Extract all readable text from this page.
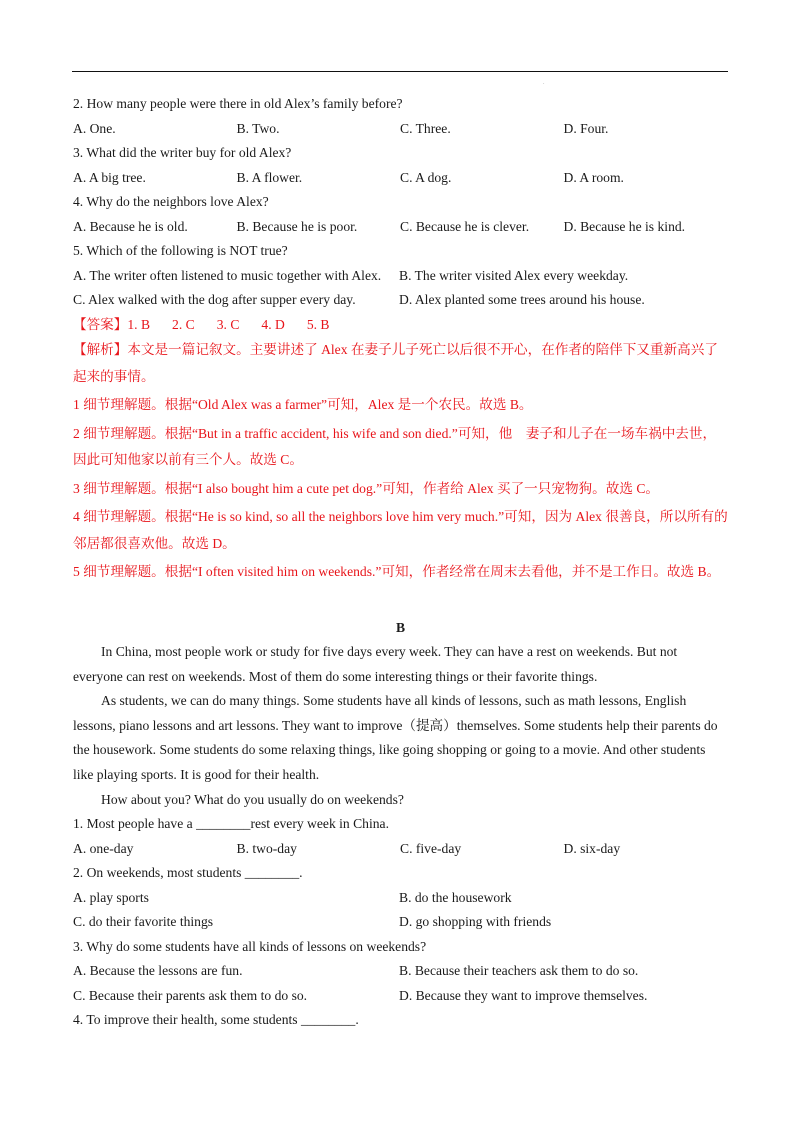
.
2. How many people were there in old Alex’s family before?
A. One.	B. Two.	C. Three.	D. Four.
3. What did the writer buy for old Alex?
A. A big tree.	B. A flower.	C. A dog.	D. A room.
4. Why do the neighbors love Alex?
A. Because he is old.	B. Because he is poor.	C. Because he is clever.	D. Because he is kind.
5. Which of the following is NOT true?
A. The writer often listened to music together with Alex.	B. The writer visited Alex every weekday.
C. Alex walked with the dog after supper every day.	D. Alex planted some trees around his house.
【答案】1. B 2. C 3. C 4. D 5. B
【解析】本文是一篇记叙文。主要讲述了 Alex 在妻子儿子死亡以后很不开心，在作者的陪伴下又重新高兴了起来的事情。
1 细节理解题。根据“Old Alex was a farmer”可知，Alex 是一个农民。故选 B。
2 细节理解题。根据“But in a traffic accident, his wife and son died.”可知，他　妻子和儿子在一场车祸中去世，因此可知他家以前有三个人。故选 C。
3 细节理解题。根据“I also bought him a cute pet dog.”可知，作者给 Alex 买了一只宠物狗。故选 C。
4 细节理解题。根据“He is so kind, so all the neighbors love him very much.”可知，因为 Alex 很善良，所以所有的邻居都很喜欢他。故选 D。
5 细节理解题。根据“I often visited him on weekends.”可知，作者经常在周末去看他，并不是工作日。故选 B。
B
In China, most people work or study for five days every week. They can have a rest on weekends. But not everyone can rest on weekends. Most of them do some interesting things or their favorite things.
As students, we can do many things. Some students have all kinds of lessons, such as math lessons, English lessons, piano lessons and art lessons. They want to improve（提高）themselves. Some students help their parents do the housework. Some students do some relaxing things, like going shopping or going to a movie. And other students like playing sports. It is good for their health.
How about you? What do you usually do on weekends?
1. Most people have a ________rest every week in China.
A. one-day	B. two-day	C. five-day	D. six-day
2. On weekends, most students ________.
A. play sports	B. do the housework
C. do their favorite things	D. go shopping with friends
3. Why do some students have all kinds of lessons on weekends?
A. Because the lessons are fun.	B. Because their teachers ask them to do so.
C. Because their parents ask them to do so.	D. Because they want to improve themselves.
4. To improve their health, some students ________.
